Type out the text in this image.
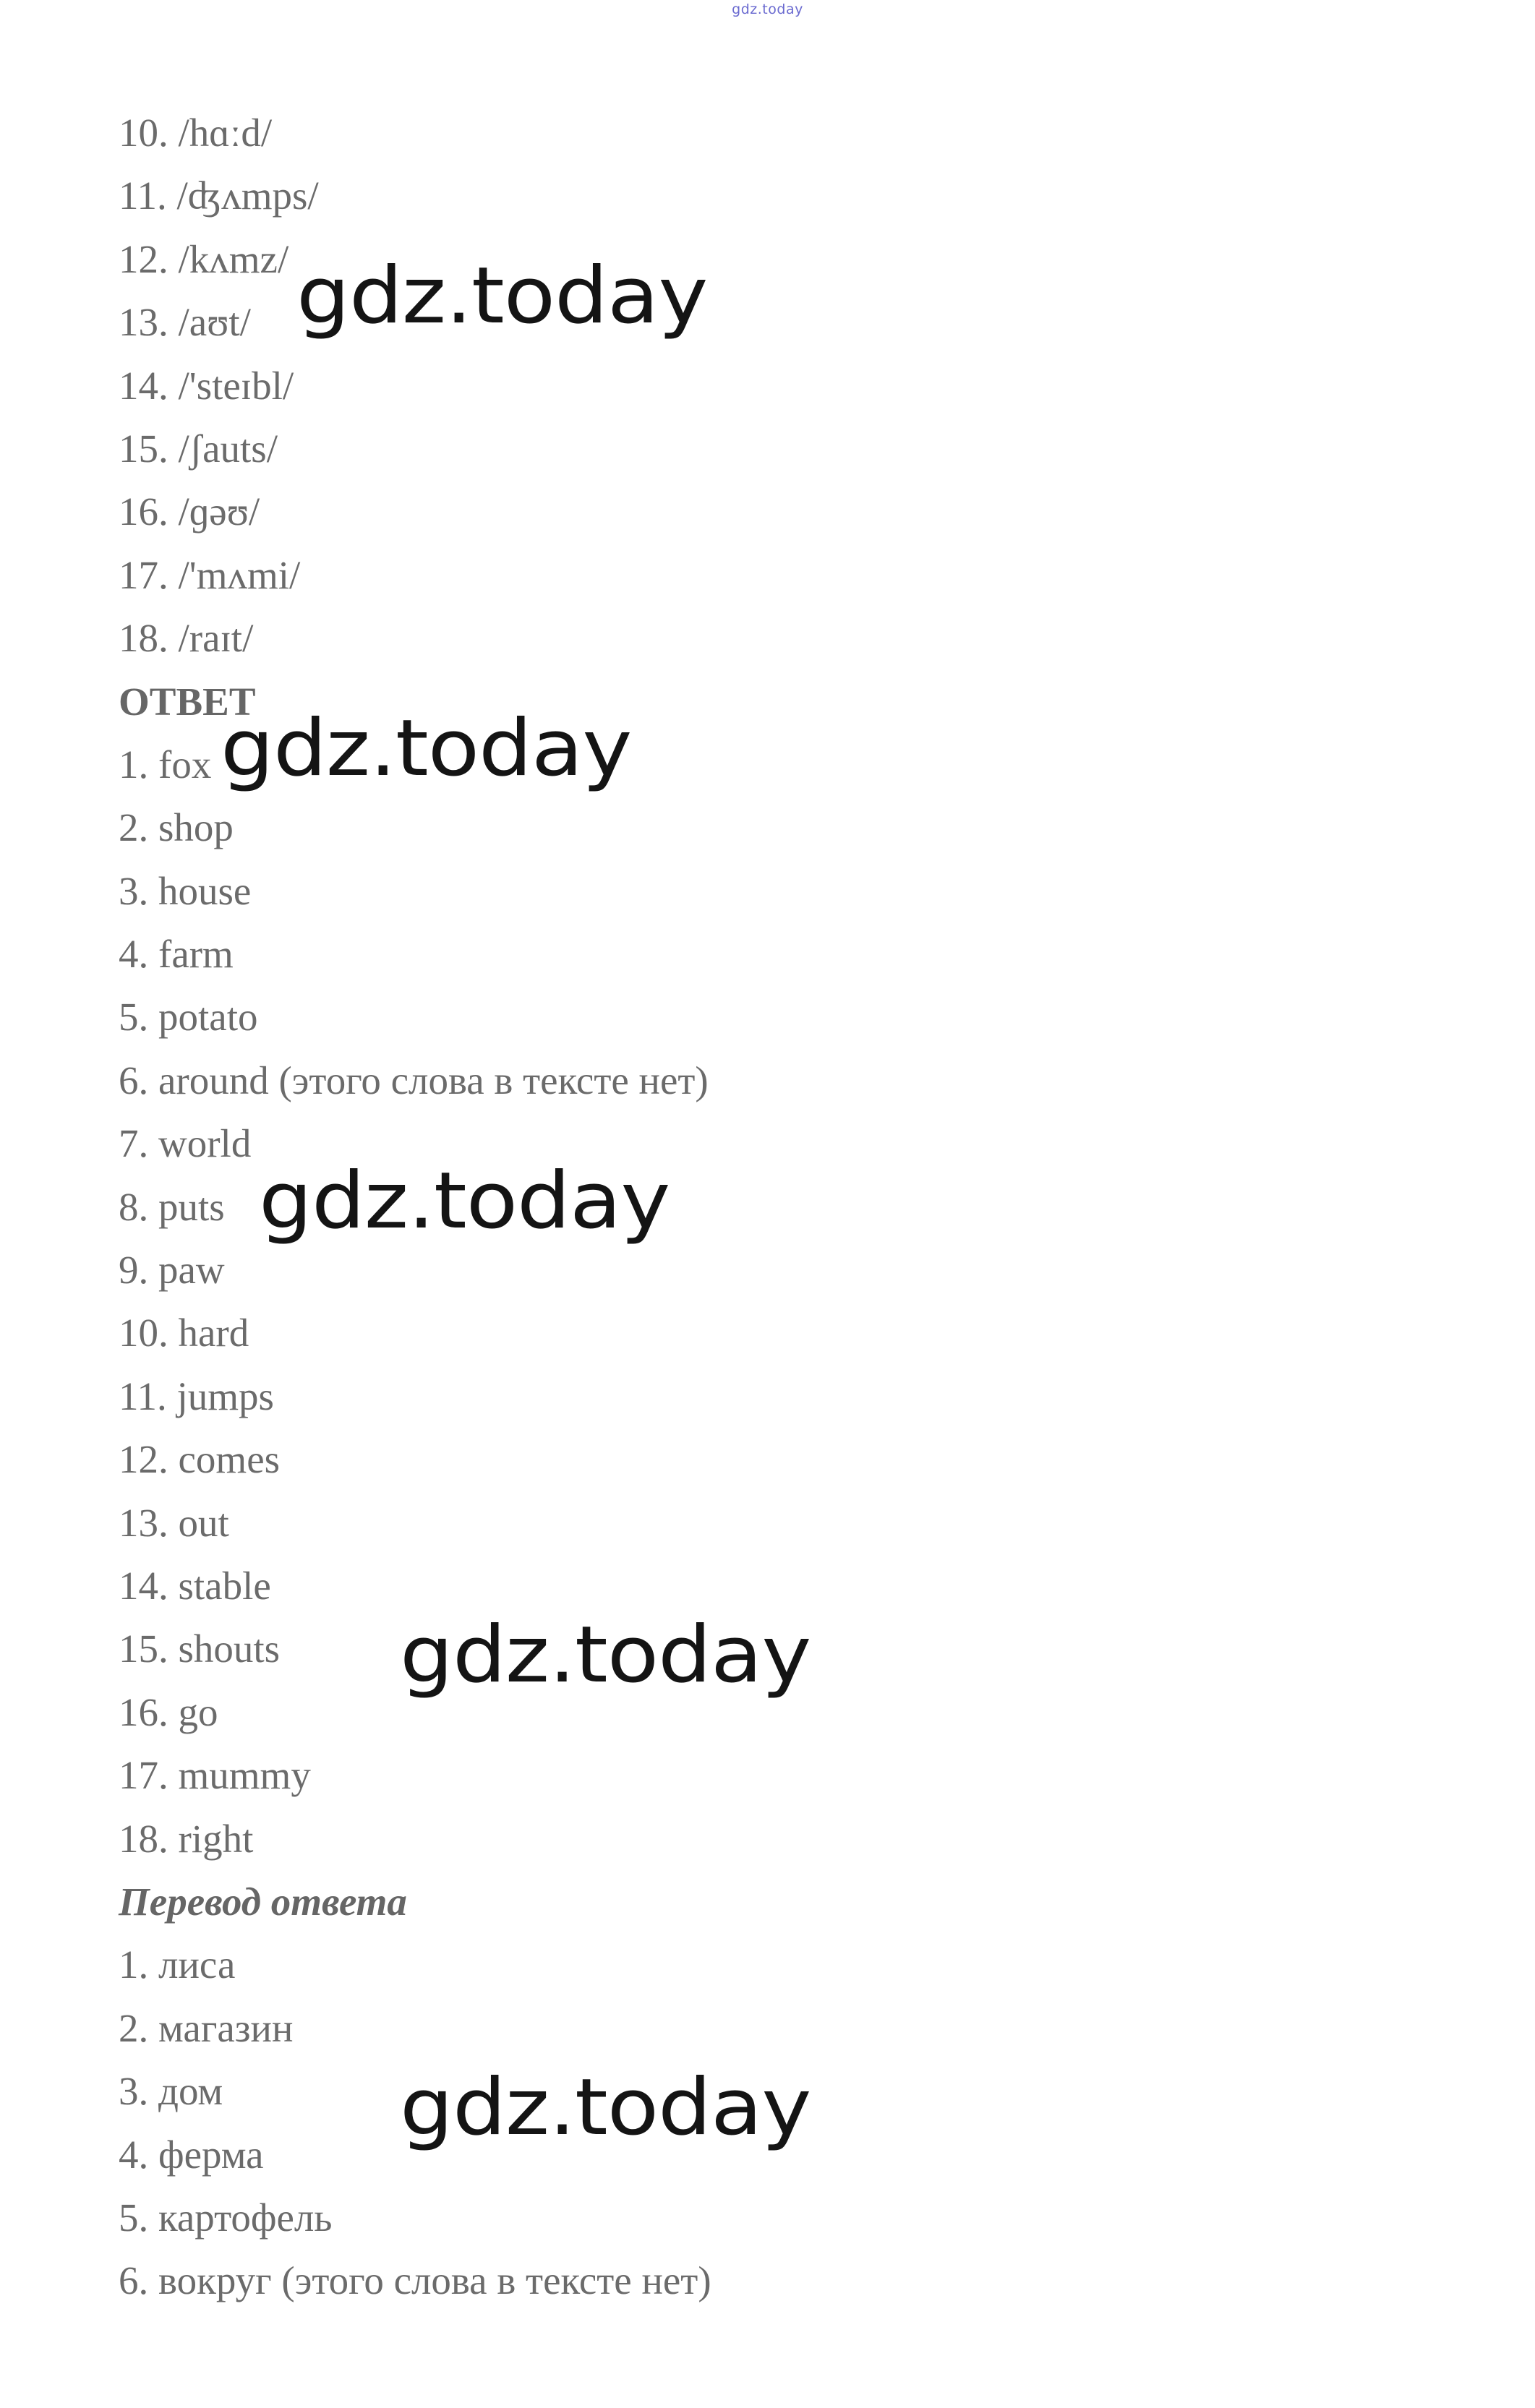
gdz.today
10. /hɑːd/
11. /ʤʌmps/
12. /kʌmz/
13. /aʊt/
14. /'steɪbl/
15. /ʃauts/
16. /ɡəʊ/
17. /'mʌmi/
18. /raɪt/
ОТВЕТ
1. fox
2. shop
3. house
4. farm
5. potato
6. around (этого слова в тексте нет)
7. world
8. puts
9. paw
10. hard
11. jumps
12. comes
13. out
14. stable
15. shouts
16. go
17. mummy
18. right
Перевод ответа
1. лиса
2. магазин
3. дом
4. ферма
5. картофель
6. вокруг (этого слова в тексте нет)
gdz.today
gdz.today
gdz.today
gdz.today
gdz.today
